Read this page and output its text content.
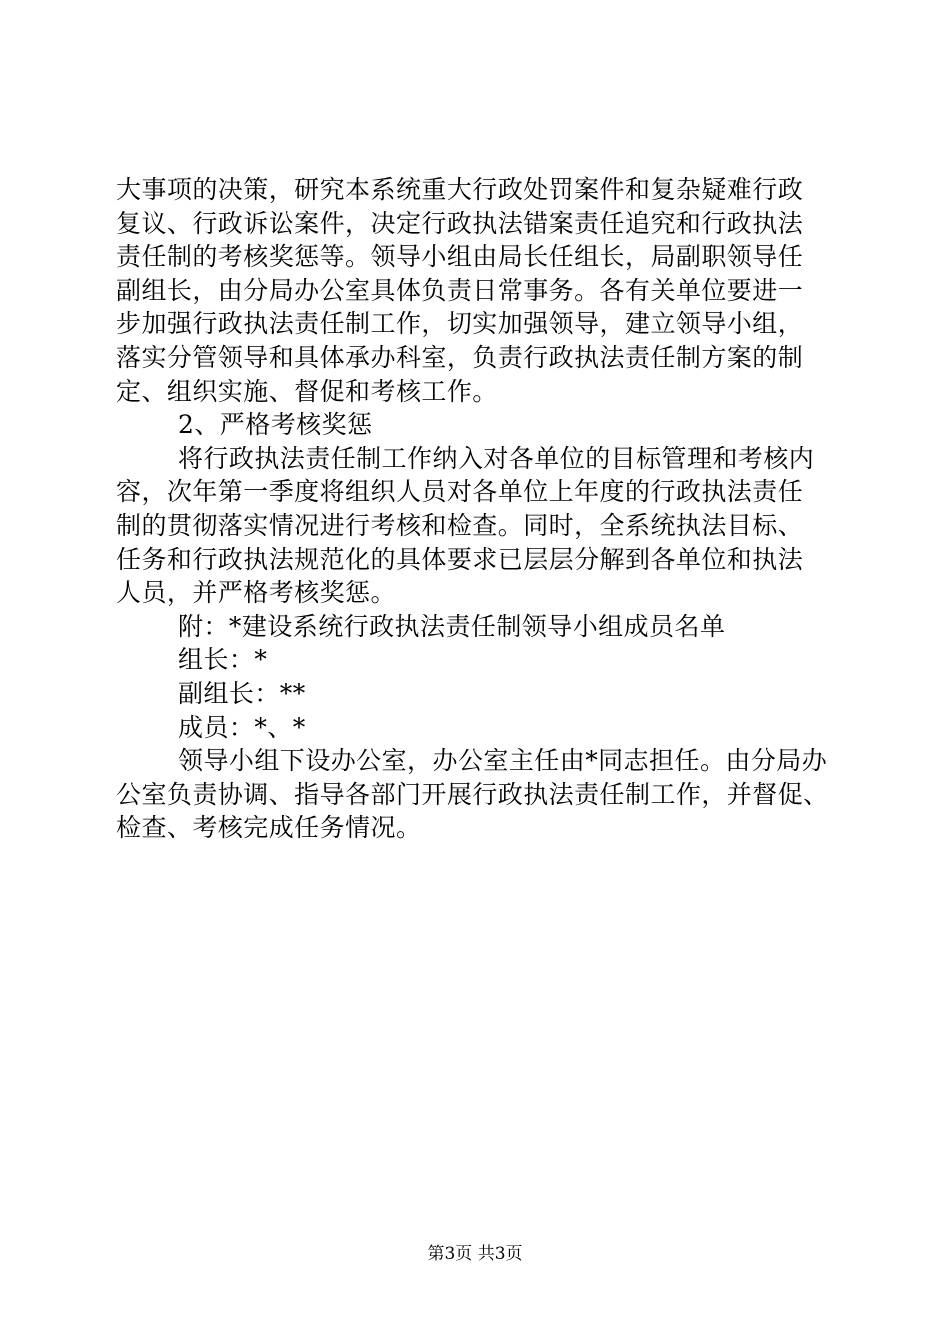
大事项的决策，研究本系统重大行政处罚案件和复杂疑难行政
复议、行政诉讼案件，决定行政执法错案责任追究和行政执法
责任制的考核奖惩等。领导小组由局长任组长，局副职领导任
副组长，由分局办公室具体负责日常事务。各有关单位要进一
步加强行政执法责任制工作，切实加强领导，建立领导小组，
落实分管领导和具体承办科室，负责行政执法责任制方案的制
定、组织实施、督促和考核工作。
2、严格考核奖惩
将行政执法责任制工作纳入对各单位的目标管理和考核内
容，次年第一季度将组织人员对各单位上年度的行政执法责任
制的贯彻落实情况进行考核和检查。同时，全系统执法目标、
任务和行政执法规范化的具体要求已层层分解到各单位和执法
人员，并严格考核奖惩。
附：*建设系统行政执法责任制领导小组成员名单
组长：*
副组长：**
成员：*、*
领导小组下设办公室，办公室主任由*同志担任。由分局办
公室负责协调、指导各部门开展行政执法责任制工作，并督促、
检查、考核完成任务情况。
第3页 共3页
